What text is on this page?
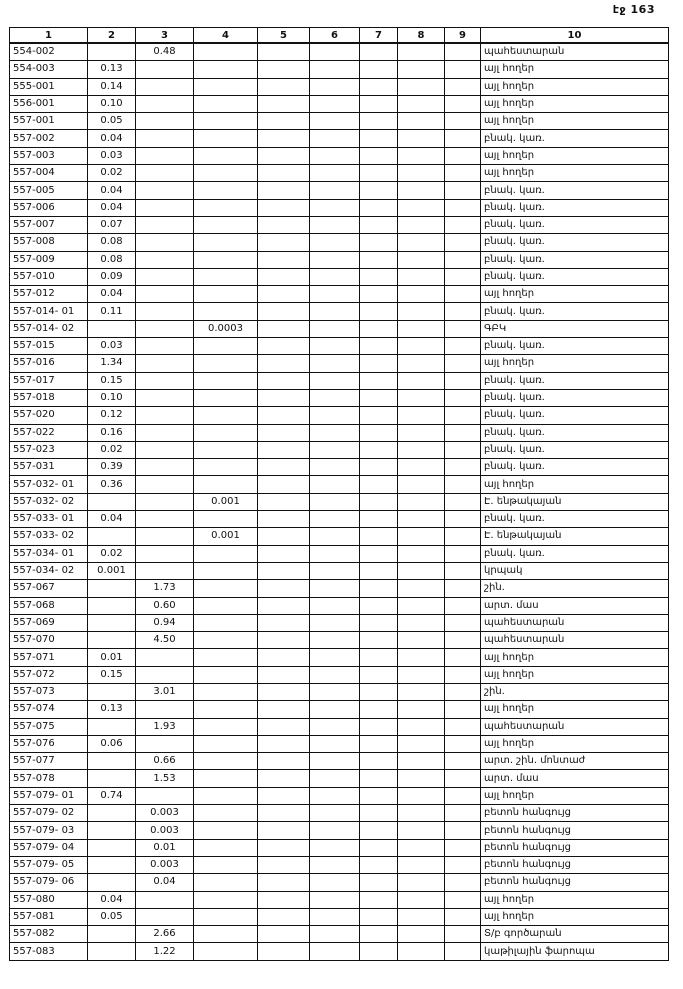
էջ 163
1	2	3	4	5	6	7	8	9	10
554-002		0.48							պահեստարան
554-003	0.13								այլ հողեր
555-001	0.14								այլ հողեր
556-001	0.10								այլ հողեր
557-001	0.05								այլ հողեր
557-002	0.04								բնակ. կառ.
557-003	0.03								այլ հողեր
557-004	0.02								այլ հողեր
557-005	0.04								բնակ. կառ.
557-006	0.04								բնակ. կառ.
557-007	0.07								բնակ. կառ.
557-008	0.08								բնակ. կառ.
557-009	0.08								բնակ. կառ.
557-010	0.09								բնակ. կառ.
557-012	0.04								այլ հողեր
557-014- 01	0.11								բնակ. կառ.
557-014- 02			0.0003						ԳԲԿ
557-015	0.03								բնակ. կառ.
557-016	1.34								այլ հողեր
557-017	0.15								բնակ. կառ.
557-018	0.10								բնակ. կառ.
557-020	0.12								բնակ. կառ.
557-022	0.16								բնակ. կառ.
557-023	0.02								բնակ. կառ.
557-031	0.39								բնակ. կառ.
557-032- 01	0.36								այլ հողեր
557-032- 02			0.001						Է. ենթակայան
557-033- 01	0.04								բնակ. կառ.
557-033- 02			0.001						Է. ենթակայան
557-034- 01	0.02								բնակ. կառ.
557-034- 02	0.001								կրպակ
557-067		1.73							շին.
557-068		0.60							արտ. մաս
557-069		0.94							պահեստարան
557-070		4.50							պահեստարան
557-071	0.01								այլ հողեր
557-072	0.15								այլ հողեր
557-073		3.01							շին.
557-074	0.13								այլ հողեր
557-075		1.93							պահեստարան
557-076	0.06								այլ հողեր
557-077		0.66							արտ. շին. մոնտաժ
557-078		1.53							արտ. մաս
557-079- 01	0.74								այլ հողեր
557-079- 02		0.003							բետոն հանգույց
557-079- 03		0.003							բետոն հանգույց
557-079- 04		0.01							բետոն հանգույց
557-079- 05		0.003							բետոն հանգույց
557-079- 06		0.04							բետոն հանգույց
557-080	0.04								այլ հողեր
557-081	0.05								այլ հողեր
557-082		2.66							Տ/բ գործարան
557-083		1.22							կաթիլային ֆարոպա
